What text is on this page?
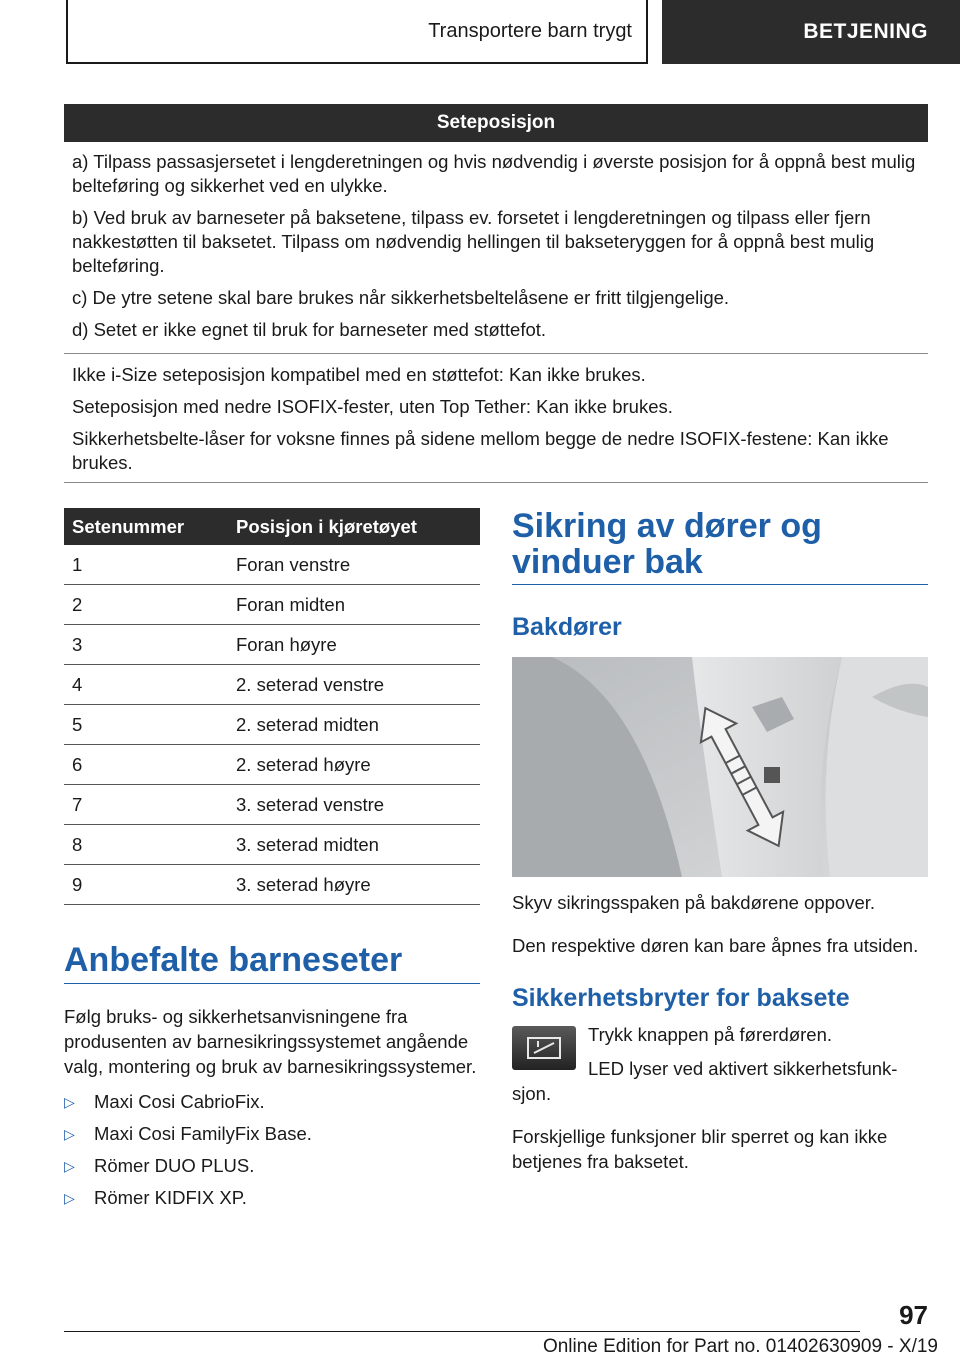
Transportere barn trygt	BETJENING
Seteposisjon

a) Tilpass passasjersetet i lengderetningen og hvis nødvendig i øverste posisjon for å oppnå best mulig belteføring og sikkerhet ved en ulykke.

b) Ved bruk av barneseter på baksetene, tilpass ev. forsetet i lengderetningen og tilpass eller fjern nakkestøtten til baksetet. Tilpass om nødvendig hellingen til bakseteryggen for å oppnå best mulig belteføring.

c) De ytre setene skal bare brukes når sikkerhetsbeltelåsene er fritt tilgjengelige.

d) Setet er ikke egnet til bruk for barneseter med støttefot.

Ikke i-Size seteposisjon kompatibel med en støttefot: Kan ikke brukes.

Seteposisjon med nedre ISOFIX-fester, uten Top Tether: Kan ikke brukes.

Sikkerhetsbelte-låser for voksne finnes på sidene mellom begge de nedre ISOFIX-festene: Kan ikke brukes.

Setenummer	Posisjon i kjøretøyet
1	Foran venstre
2	Foran midten
3	Foran høyre
4	2. seterad venstre
5	2. seterad midten
6	2. seterad høyre
7	3. seterad venstre
8	3. seterad midten
9	3. seterad høyre
Anbefalte barneseter

Følg bruks- og sikkerhetsanvisningene fra produsenten av barnesikringssystemet angående valg, montering og bruk av barnesikringssystemer.

▷	Maxi Cosi CabrioFix.
▷	Maxi Cosi FamilyFix Base.
▷	Römer DUO PLUS.
▷	Römer KIDFIX XP.
Sikring av dører og vinduer bak
Bakdører

Skyv sikringsspaken på bakdørene oppover.

Den respektive døren kan bare åpnes fra utsiden.

Sikkerhetsbryter for baksete

Trykk knappen på førerdøren.

LED lyser ved aktivert sikkerhetsfunk-

sjon.

Forskjellige funksjoner blir sperret og kan ikke betjenes fra baksetet.

97
Online Edition for Part no. 01402630909 - X/19
